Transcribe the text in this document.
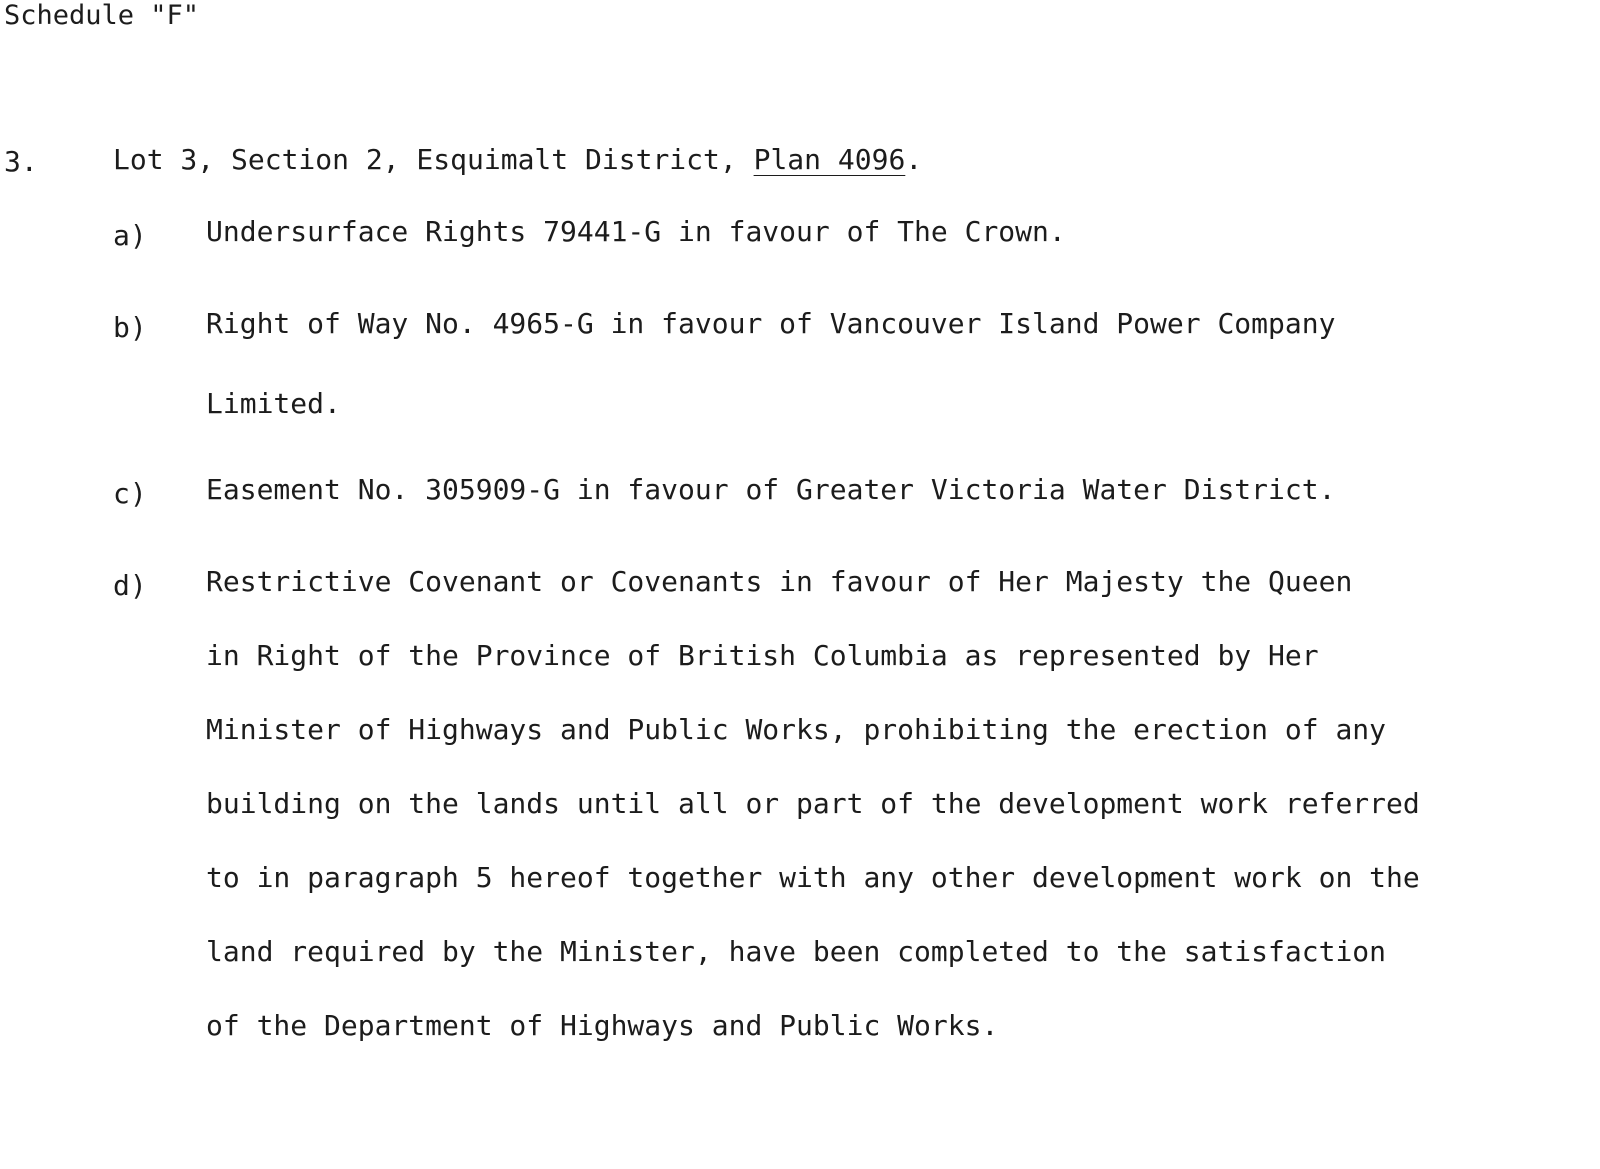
Schedule "F"
3.	Lot 3, Section 2, Esquimalt District, Plan 4096.
a) Undersurface Rights 79441-G in favour of The Crown.
b) Right of Way No. 4965-G in favour of Vancouver Island Power Company
Limited.
c) Easement No. 305909-G in favour of Greater Victoria Water District.
d) Restrictive Covenant or Covenants in favour of Her Majesty the Queen
in Right of the Province of British Columbia as represented by Her
Minister of Highways and Public Works, prohibiting the erection of any
building on the lands until all or part of the development work referred
to in paragraph 5 hereof together with any other development work on the
land required by the Minister, have been completed to the satisfaction
of the Department of Highways and Public Works.
